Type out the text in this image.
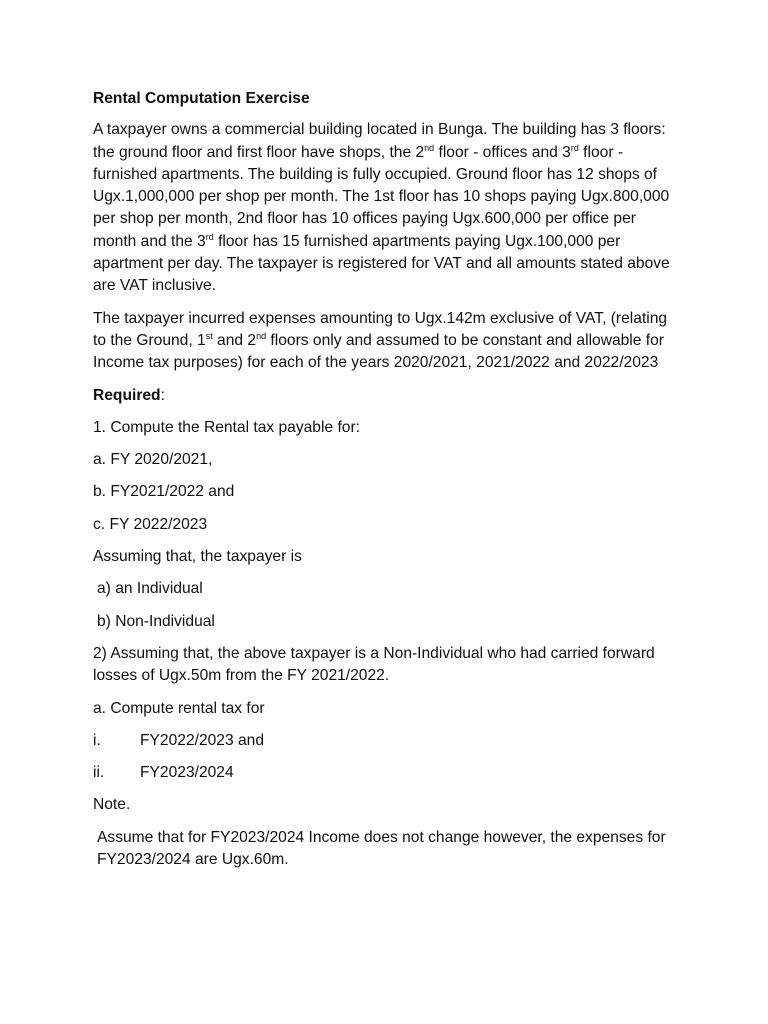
Rental Computation Exercise

A taxpayer owns a commercial building located in Bunga. The building has 3 floors: the ground floor and first floor have shops, the 2nd floor - offices and 3rd floor - furnished apartments. The building is fully occupied. Ground floor has 12 shops of Ugx.1,000,000 per shop per month. The 1st floor has 10 shops paying Ugx.800,000 per shop per month, 2nd floor has 10 offices paying Ugx.600,000 per office per month and the 3rd floor has 15 furnished apartments paying Ugx.100,000 per apartment per day. The taxpayer is registered for VAT and all amounts stated above are VAT inclusive.

The taxpayer incurred expenses amounting to Ugx.142m exclusive of VAT, (relating to the Ground, 1st and 2nd floors only and assumed to be constant and allowable for Income tax purposes) for each of the years 2020/2021, 2021/2022 and 2022/2023

Required:

1. Compute the Rental tax payable for:

a. FY 2020/2021,

b. FY2021/2022 and

c. FY 2022/2023

Assuming that, the taxpayer is

a) an Individual

b) Non-Individual

2) Assuming that, the above taxpayer is a Non-Individual who had carried forward losses of Ugx.50m from the FY 2021/2022.

a. Compute rental tax for

i.	FY2022/2023 and

ii.	FY2023/2024

Note.

Assume that for FY2023/2024 Income does not change however, the expenses for FY2023/2024 are Ugx.60m.
